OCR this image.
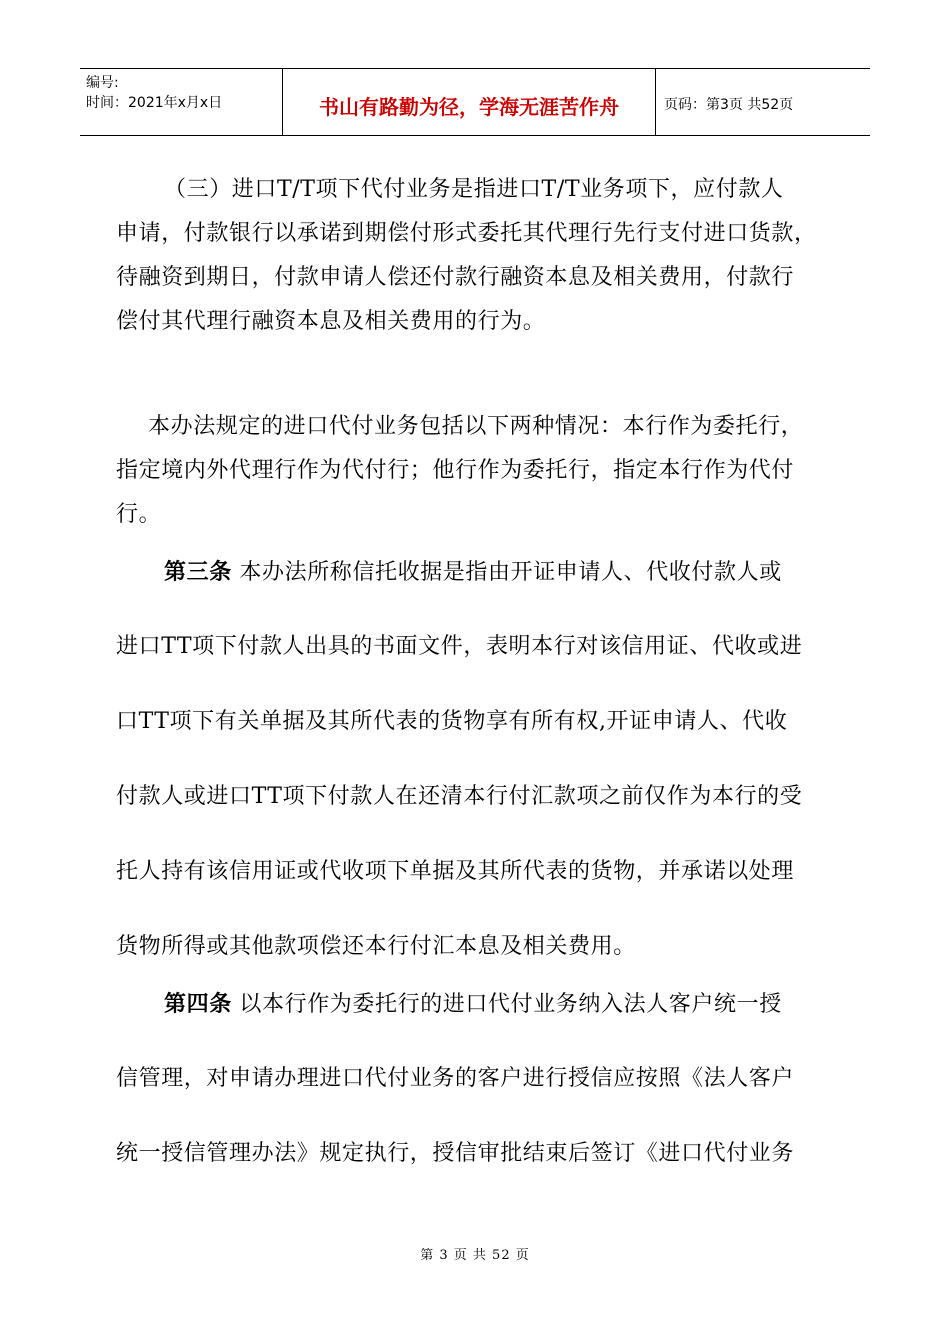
编号:
时间：2021年x月x日	书山有路勤为径，学海无涯苦作舟	页码：第3页 共52页

（三）进口T/T项下代付业务是指进口T/T业务项下，应付款人

申请，付款银行以承诺到期偿付形式委托其代理行先行支付进口货款，

待融资到期日，付款申请人偿还付款行融资本息及相关费用，付款行

偿付其代理行融资本息及相关费用的行为。

本办法规定的进口代付业务包括以下两种情况：本行作为委托行，

指定境内外代理行作为代付行；他行作为委托行，指定本行作为代付

行。

第三条 本办法所称信托收据是指由开证申请人、代收付款人或

进口TT项下付款人出具的书面文件，表明本行对该信用证、代收或进

口TT项下有关单据及其所代表的货物享有所有权,开证申请人、代收

付款人或进口TT项下付款人在还清本行付汇款项之前仅作为本行的受

托人持有该信用证或代收项下单据及其所代表的货物，并承诺以处理

货物所得或其他款项偿还本行付汇本息及相关费用。

第四条 以本行作为委托行的进口代付业务纳入法人客户统一授

信管理，对申请办理进口代付业务的客户进行授信应按照《法人客户

统一授信管理办法》规定执行，授信审批结束后签订《进口代付业务

第 3 页 共 52 页
